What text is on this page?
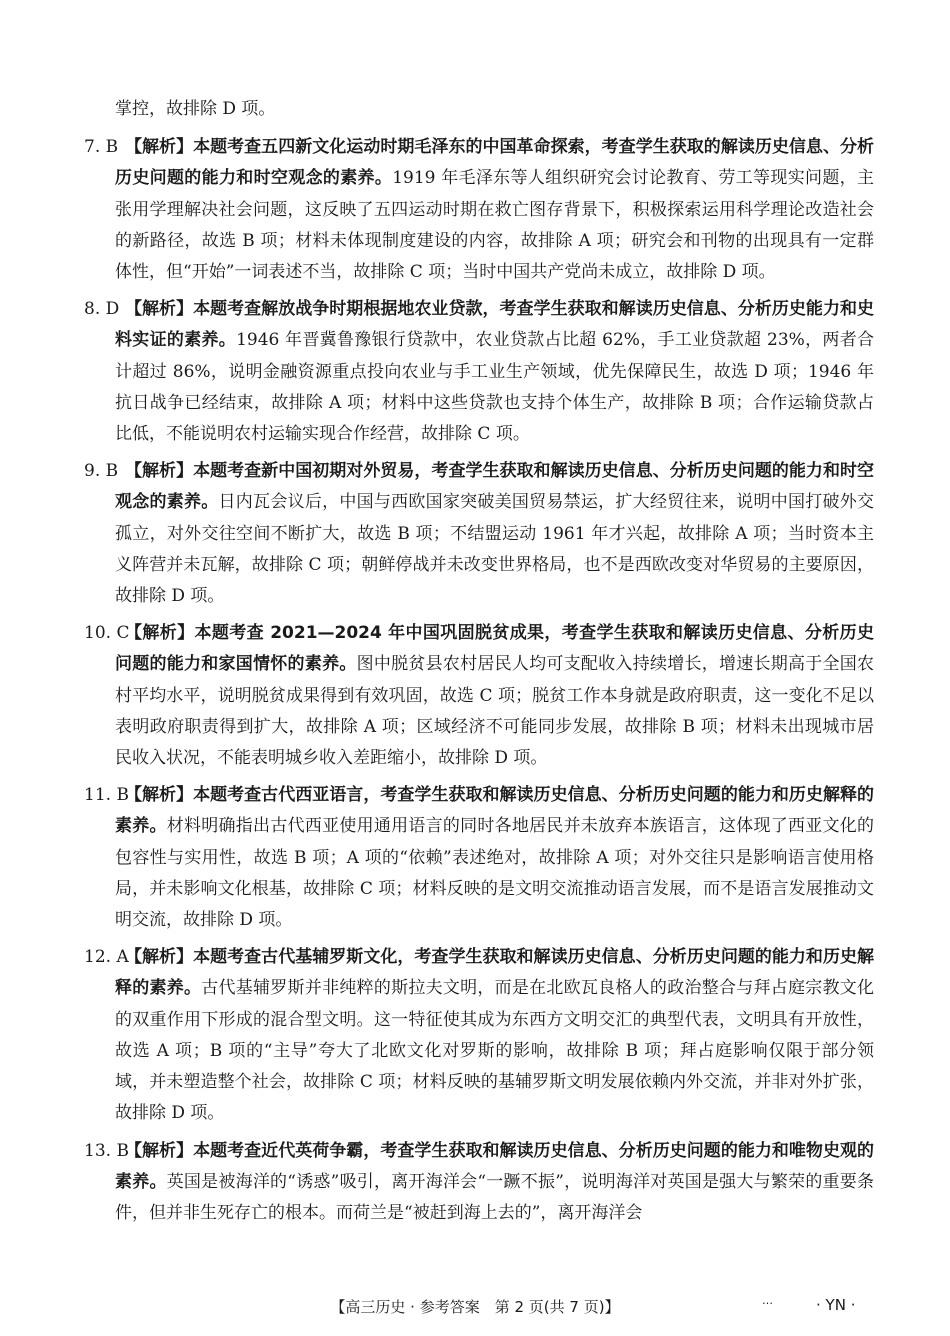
掌控，故排除 D 项。

7. B 【解析】本题考查五四新文化运动时期毛泽东的中国革命探索，考查学生获取的解读历史信息、分析历史问题的能力和时空观念的素养。1919 年毛泽东等人组织研究会讨论教育、劳工等现实问题，主张用学理解决社会问题，这反映了五四运动时期在救亡图存背景下，积极探索运用科学理论改造社会的新路径，故选 B 项；材料未体现制度建设的内容，故排除 A 项；研究会和刊物的出现具有一定群体性，但“开始”一词表述不当，故排除 C 项；当时中国共产党尚未成立，故排除 D 项。

8. D 【解析】本题考查解放战争时期根据地农业贷款，考查学生获取和解读历史信息、分析历史能力和史料实证的素养。1946 年晋冀鲁豫银行贷款中，农业贷款占比超 62%，手工业贷款超 23%，两者合计超过 86%，说明金融资源重点投向农业与手工业生产领域，优先保障民生，故选 D 项；1946 年抗日战争已经结束，故排除 A 项；材料中这些贷款也支持个体生产，故排除 B 项；合作运输贷款占比低，不能说明农村运输实现合作经营，故排除 C 项。

9. B 【解析】本题考查新中国初期对外贸易，考查学生获取和解读历史信息、分析历史问题的能力和时空观念的素养。日内瓦会议后，中国与西欧国家突破美国贸易禁运，扩大经贸往来，说明中国打破外交孤立，对外交往空间不断扩大，故选 B 项；不结盟运动 1961 年才兴起，故排除 A 项；当时资本主义阵营并未瓦解，故排除 C 项；朝鲜停战并未改变世界格局，也不是西欧改变对华贸易的主要原因，故排除 D 项。

10. C
【解析】本题考查 2021—2024 年中国巩固脱贫成果，考查学生获取和解读历史信息、分析历史问题的能力和家国情怀的素养。图中脱贫县农村居民人均可支配收入持续增长，增速长期高于全国农村平均水平，说明脱贫成果得到有效巩固，故选 C 项；脱贫工作本身就是政府职责，这一变化不足以表明政府职责得到扩大，故排除 A 项；区域经济不可能同步发展，故排除 B 项；材料未出现城市居民收入状况，不能表明城乡收入差距缩小，故排除 D 项。

11. B
【解析】本题考查古代西亚语言，考查学生获取和解读历史信息、分析历史问题的能力和历史解释的素养。材料明确指出古代西亚使用通用语言的同时各地居民并未放弃本族语言，这体现了西亚文化的包容性与实用性，故选 B 项；A 项的“依赖”表述绝对，故排除 A 项；对外交往只是影响语言使用格局，并未影响文化根基，故排除 C 项；材料反映的是文明交流推动语言发展，而不是语言发展推动文明交流，故排除 D 项。

12. A
【解析】本题考查古代基辅罗斯文化，考查学生获取和解读历史信息、分析历史问题的能力和历史解释的素养。古代基辅罗斯并非纯粹的斯拉夫文明，而是在北欧瓦良格人的政治整合与拜占庭宗教文化的双重作用下形成的混合型文明。这一特征使其成为东西方文明交汇的典型代表，文明具有开放性，故选 A 项；B 项的“主导”夸大了北欧文化对罗斯的影响，故排除 B 项；拜占庭影响仅限于部分领域，并未塑造整个社会，故排除 C 项；材料反映的基辅罗斯文明发展依赖内外交流，并非对外扩张，故排除 D 项。

13. B
【解析】本题考查近代英荷争霸，考查学生获取和解读历史信息、分析历史问题的能力和唯物史观的素养。英国是被海洋的“诱惑”吸引，离开海洋会“一蹶不振”，说明海洋对英国是强大与繁荣的重要条件，但并非生死存亡的根本。而荷兰是“被赶到海上去的”，离开海洋会

【高三历史 · 参考答案　第 2 页(共 7 页)】	…	· YN ·
